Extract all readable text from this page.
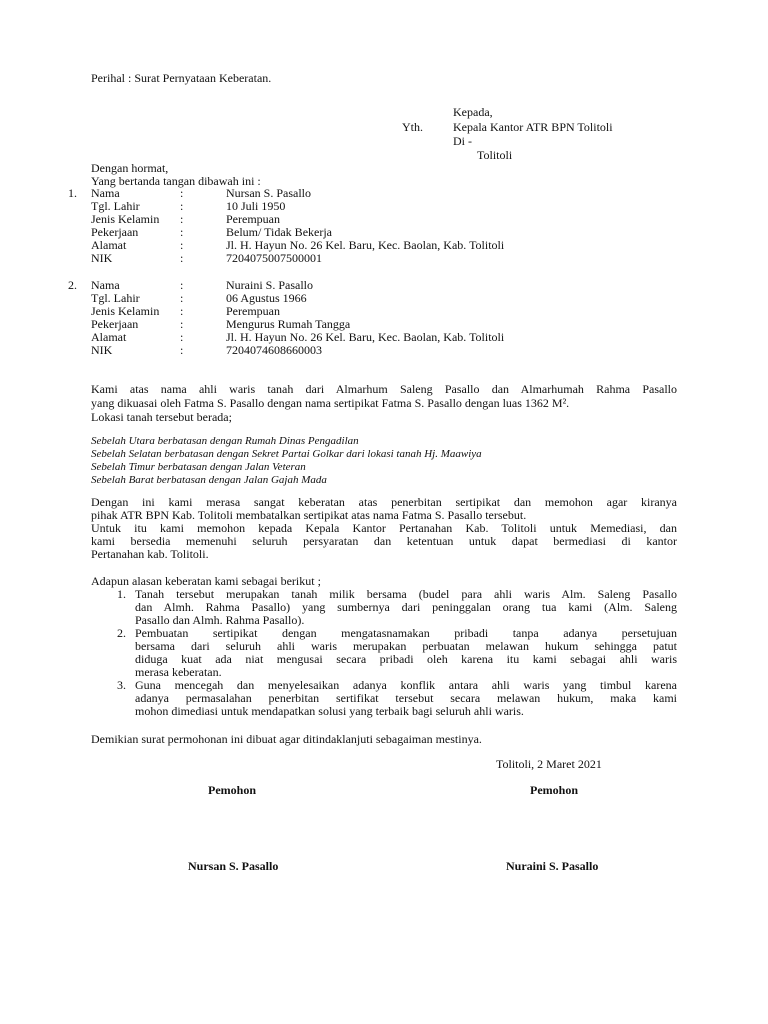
Perihal : Surat Pernyataan Keberatan.
Kepada,
Yth.	Kepala Kantor ATR BPN Tolitoli
Di -
Tolitoli
Dengan hormat,
Yang bertanda tangan dibawah ini :
1. Nama	:	Nursan S. Pasallo
Tgl. Lahir	:	10 Juli 1950
Jenis Kelamin :	Perempuan
Pekerjaan	:	Belum/ Tidak Bekerja
Alamat	:	Jl. H. Hayun No. 26 Kel. Baru, Kec. Baolan, Kab. Tolitoli
NIK	:	7204075007500001
2. Nama	:	Nuraini S. Pasallo
Tgl. Lahir	:	06 Agustus 1966
Jenis Kelamin :	Perempuan
Pekerjaan	:	Mengurus Rumah Tangga
Alamat	:	Jl. H. Hayun No. 26 Kel. Baru, Kec. Baolan, Kab. Tolitoli
NIK	:	7204074608660003
Kami atas nama ahli waris tanah dari Almarhum Saleng Pasallo dan Almarhumah Rahma Pasallo
yang dikuasai oleh Fatma S. Pasallo dengan nama sertipikat Fatma S. Pasallo dengan luas 1362 M².
Lokasi tanah tersebut berada;
Sebelah Utara berbatasan dengan Rumah Dinas Pengadilan
Sebelah Selatan berbatasan dengan Sekret Partai Golkar dari lokasi tanah Hj. Maawiya
Sebelah Timur berbatasan dengan Jalan Veteran
Sebelah Barat berbatasan dengan Jalan Gajah Mada
Dengan ini kami merasa sangat keberatan atas penerbitan sertipikat dan memohon agar kiranya
pihak ATR BPN Kab. Tolitoli membatalkan sertipikat atas nama Fatma S. Pasallo tersebut.
Untuk itu kami memohon kepada Kepala Kantor Pertanahan Kab. Tolitoli untuk Memediasi, dan
kami bersedia memenuhi seluruh persyaratan dan ketentuan untuk dapat bermediasi di kantor
Pertanahan kab. Tolitoli.
Adapun alasan keberatan kami sebagai berikut ;
1. Tanah tersebut merupakan tanah milik bersama (budel para ahli waris Alm. Saleng Pasallo
dan Almh. Rahma Pasallo) yang sumbernya dari peninggalan orang tua kami (Alm. Saleng
Pasallo dan Almh. Rahma Pasallo).
2. Pembuatan sertipikat dengan mengatasnamakan pribadi tanpa adanya persetujuan
bersama dari seluruh ahli waris merupakan perbuatan melawan hukum sehingga patut
diduga kuat ada niat mengusai secara pribadi oleh karena itu kami sebagai ahli waris
merasa keberatan.
3. Guna mencegah dan menyelesaikan adanya konflik antara ahli waris yang timbul karena
adanya permasalahan penerbitan sertifikat tersebut secara melawan hukum, maka kami
mohon dimediasi untuk mendapatkan solusi yang terbaik bagi seluruh ahli waris.
Demikian surat permohonan ini dibuat agar ditindaklanjuti sebagaiman mestinya.
Tolitoli, 2 Maret 2021
Pemohon	Pemohon
Nursan S. Pasallo	Nuraini S. Pasallo
